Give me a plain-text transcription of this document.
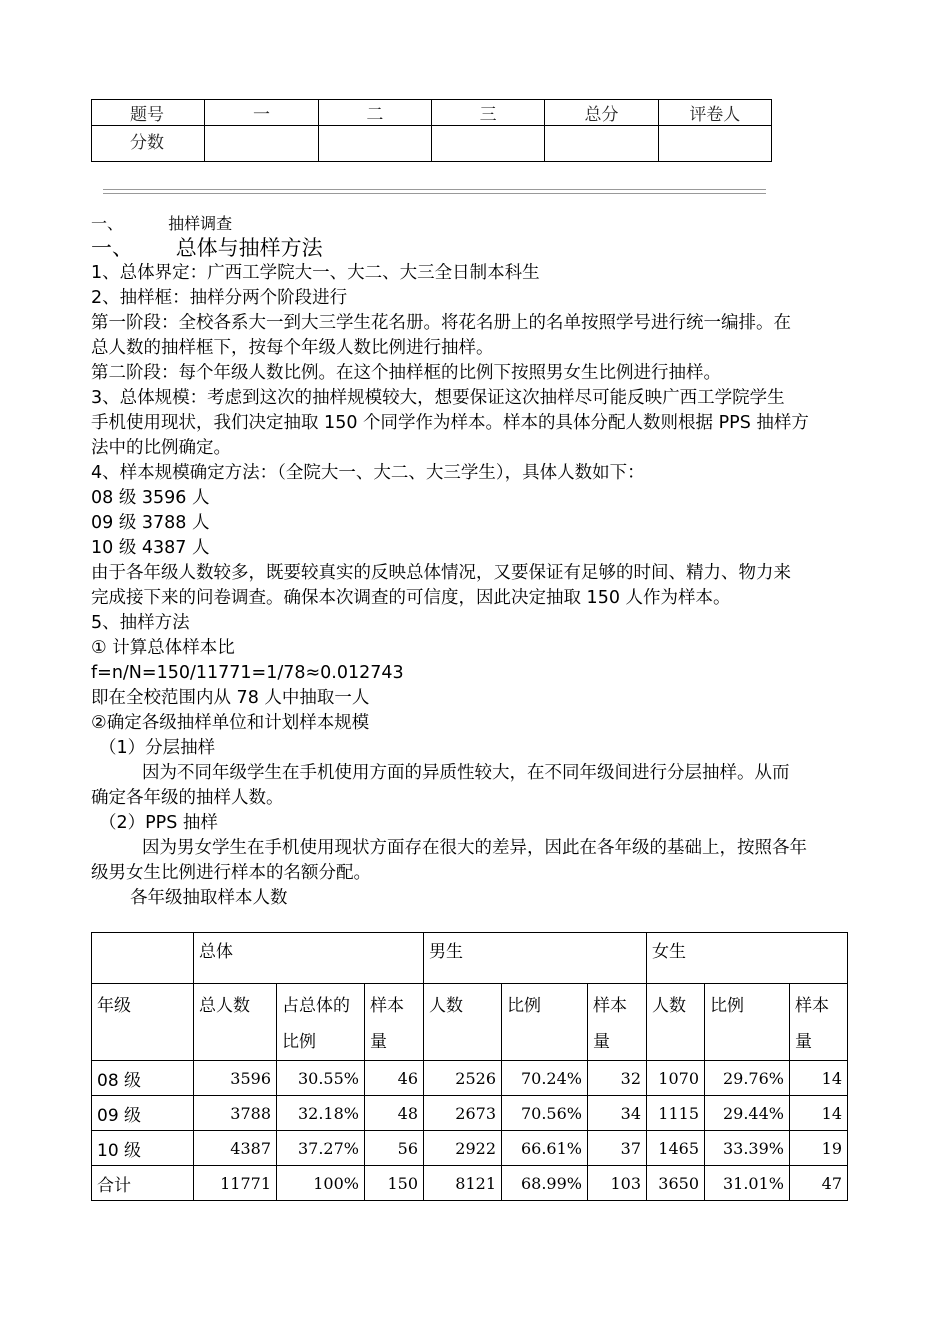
题号	一	二	三	总分	评卷人
分数					
一、	抽样调查
一、 总体与抽样方法
1、总体界定：广西工学院大一、大二、大三全日制本科生
2、抽样框：抽样分两个阶段进行
第一阶段：全校各系大一到大三学生花名册。将花名册上的名单按照学号进行统一编排。在
总人数的抽样框下，按每个年级人数比例进行抽样。
第二阶段：每个年级人数比例。在这个抽样框的比例下按照男女生比例进行抽样。
3、总体规模：考虑到这次的抽样规模较大，想要保证这次抽样尽可能反映广西工学院学生
手机使用现状，我们决定抽取 150 个同学作为样本。样本的具体分配人数则根据 PPS 抽样方
法中的比例确定。
4、样本规模确定方法：（全院大一、大二、大三学生），具体人数如下：
08 级 3596 人
09 级 3788 人
10 级 4387 人
由于各年级人数较多，既要较真实的反映总体情况，又要保证有足够的时间、精力、物力来
完成接下来的问卷调查。确保本次调查的可信度，因此决定抽取 150 人作为样本。
5、抽样方法
① 计算总体样本比
f=n/N=150/11771=1/78≈0.012743
即在全校范围内从 78 人中抽取一人
②确定各级抽样单位和计划样本规模
（1）分层抽样
因为不同年级学生在手机使用方面的异质性较大，在不同年级间进行分层抽样。从而
确定各年级的抽样人数。
（2）PPS 抽样
因为男女学生在手机使用现状方面存在很大的差异，因此在各年级的基础上，按照各年
级男女生比例进行样本的名额分配。
各年级抽取样本人数
	总体			男生			女生		
年级	总人数	占总体的比例	样本量	人数	比例	样本量	人数	比例	样本量
08 级	3596	30.55%	46	2526	70.24%	32	1070	29.76%	14
09 级	3788	32.18%	48	2673	70.56%	34	1115	29.44%	14
10 级	4387	37.27%	56	2922	66.61%	37	1465	33.39%	19
合计	11771	100%	150	8121	68.99%	103	3650	31.01%	47
